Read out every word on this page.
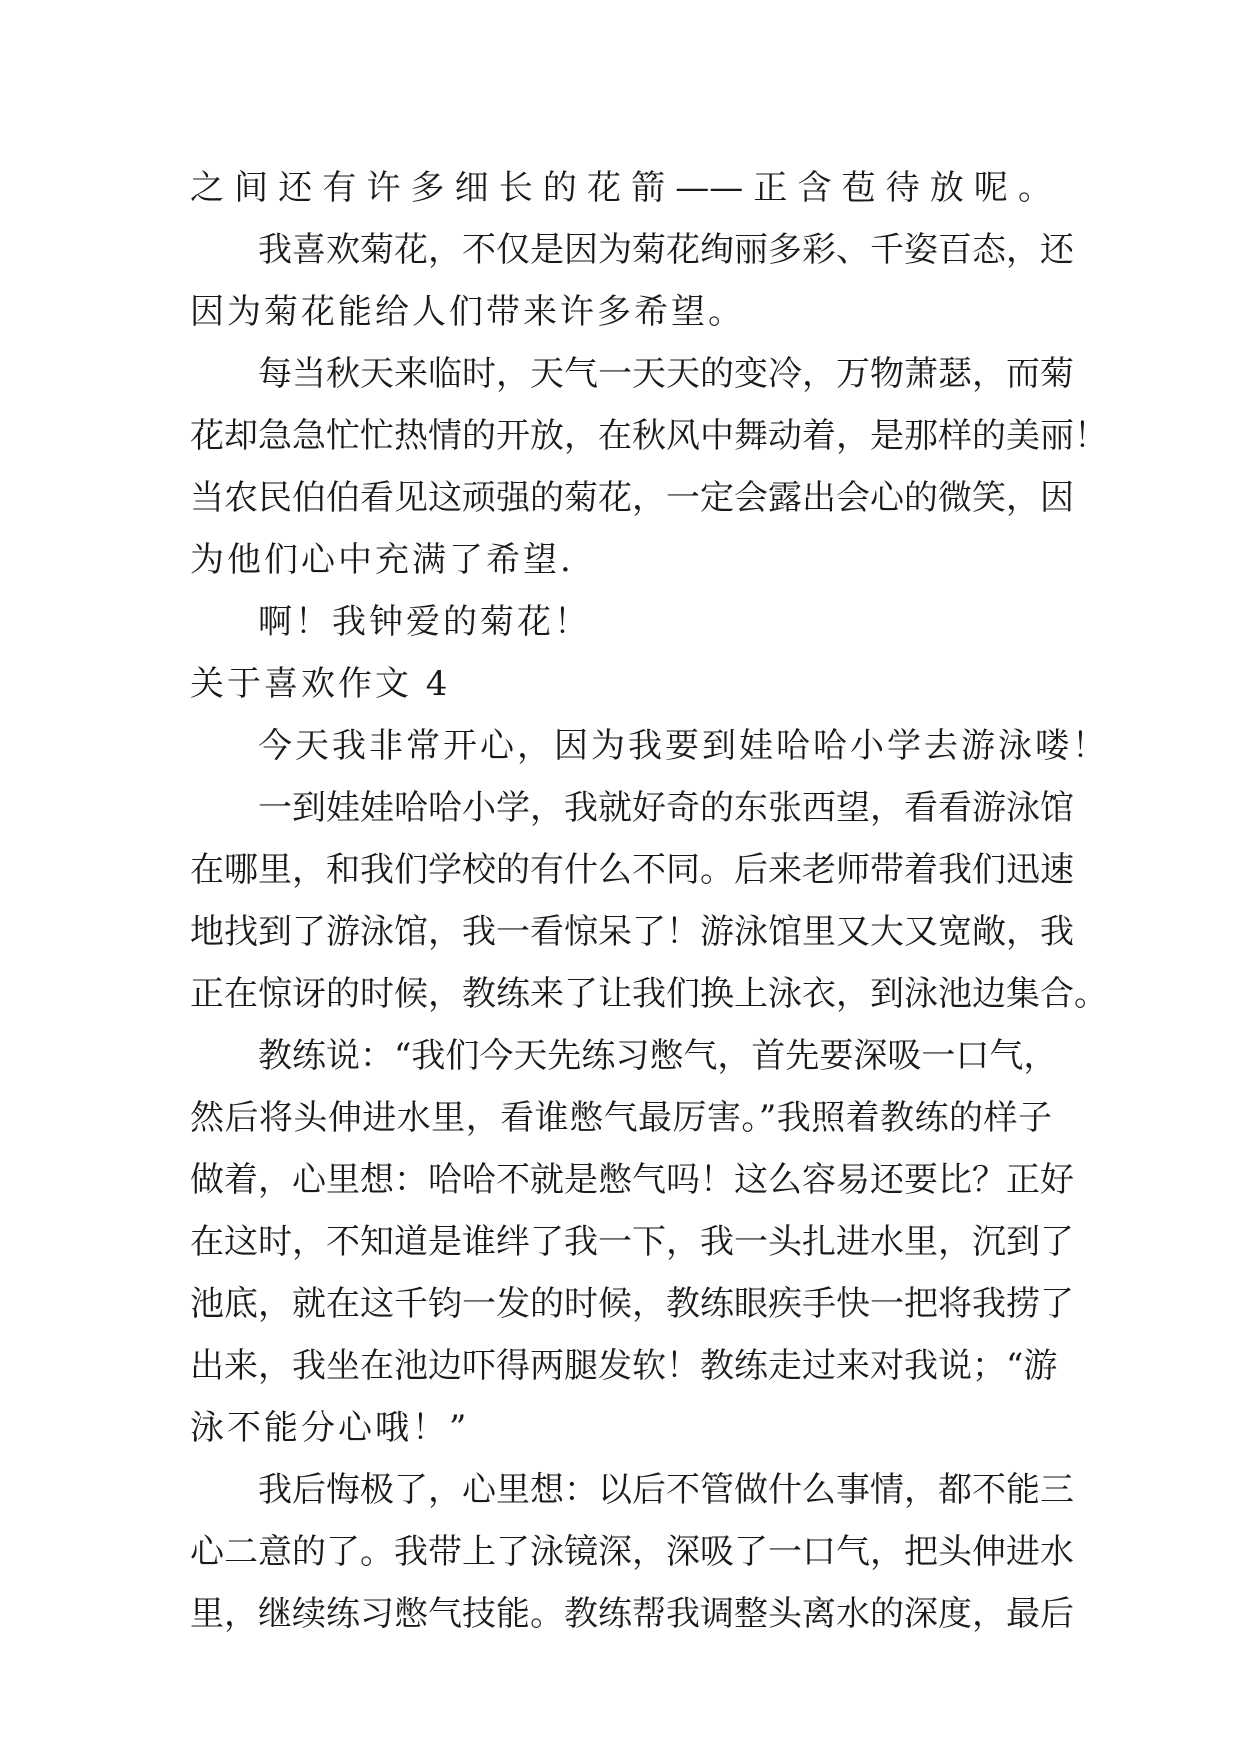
之间还有许多细长的花箭——正含苞待放呢。
我喜欢菊花，不仅是因为菊花绚丽多彩、千姿百态，还
因为菊花能给人们带来许多希望。
每当秋天来临时，天气一天天的变冷，万物萧瑟，而菊
花却急急忙忙热情的开放，在秋风中舞动着，是那样的美丽！
当农民伯伯看见这顽强的菊花，一定会露出会心的微笑，因
为他们心中充满了希望.
啊！我钟爱的菊花！
关于喜欢作文 4
今天我非常开心，因为我要到娃哈哈小学去游泳喽！
一到娃娃哈哈小学，我就好奇的东张西望，看看游泳馆
在哪里，和我们学校的有什么不同。后来老师带着我们迅速
地找到了游泳馆，我一看惊呆了！游泳馆里又大又宽敞，我
正在惊讶的时候，教练来了让我们换上泳衣，到泳池边集合。
教练说：“我们今天先练习憋气，首先要深吸一口气，
然后将头伸进水里，看谁憋气最厉害。”我照着教练的样子
做着，心里想：哈哈不就是憋气吗！这么容易还要比？正好
在这时，不知道是谁绊了我一下，我一头扎进水里，沉到了
池底，就在这千钧一发的时候，教练眼疾手快一把将我捞了
出来，我坐在池边吓得两腿发软！教练走过来对我说；“游
泳不能分心哦！”
我后悔极了，心里想：以后不管做什么事情，都不能三
心二意的了。我带上了泳镜深，深吸了一口气，把头伸进水
里，继续练习憋气技能。教练帮我调整头离水的深度，最后
